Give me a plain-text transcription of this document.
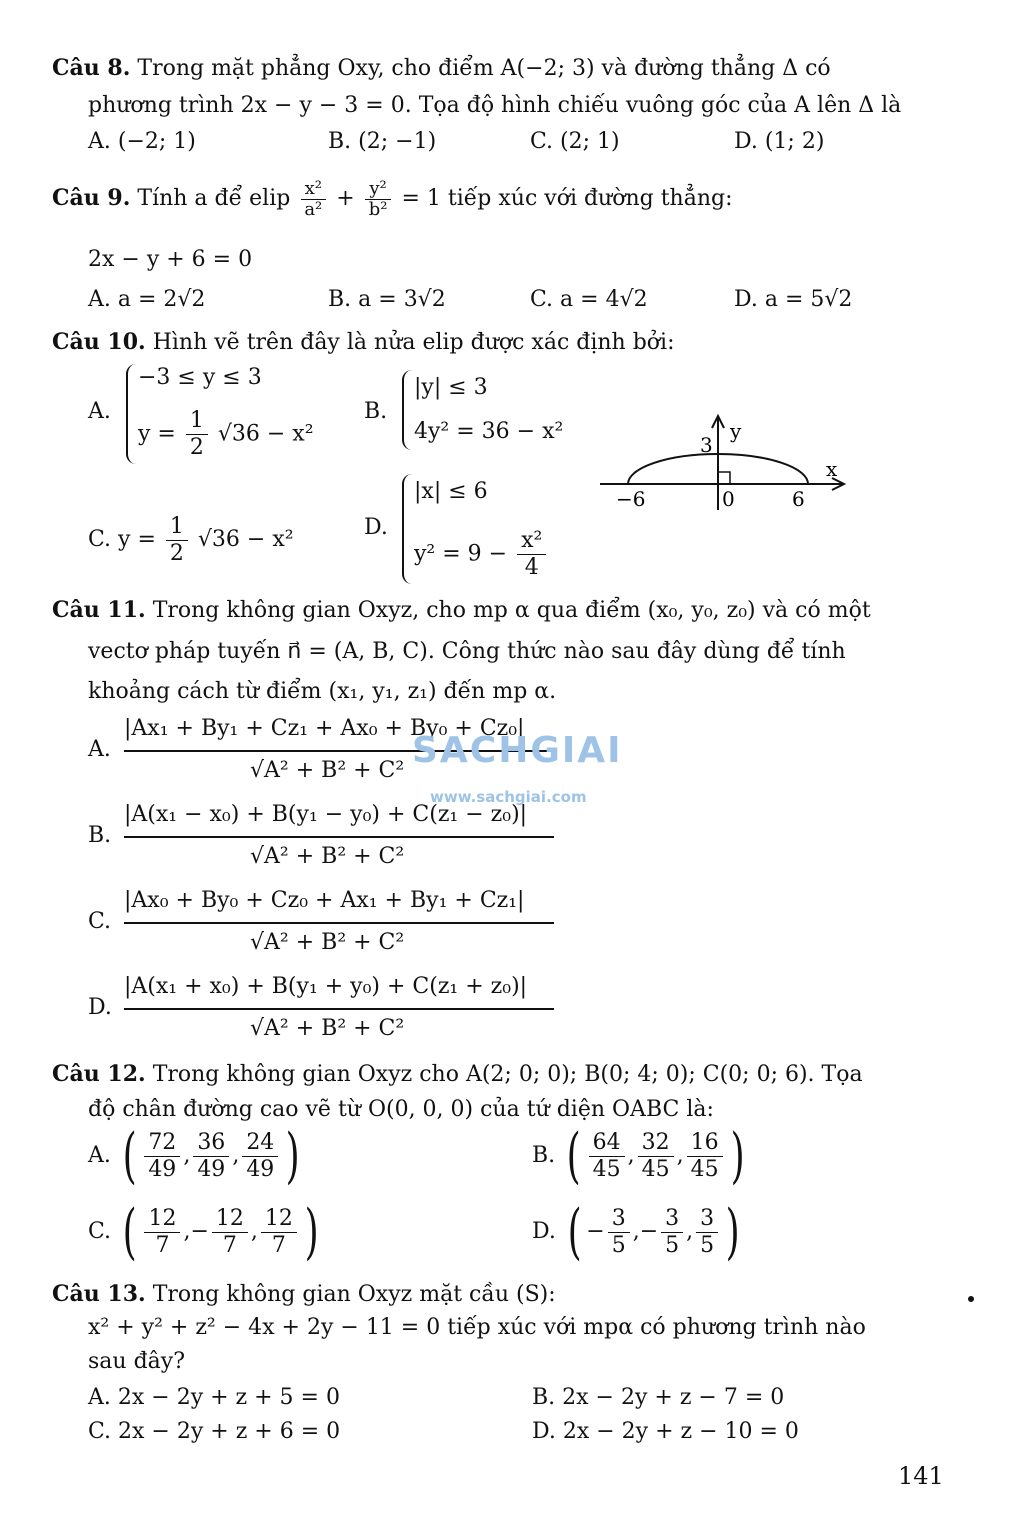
Câu 8. Trong mặt phẳng Oxy, cho điểm A(−2; 3) và đường thẳng Δ có
phương trình 2x − y − 3 = 0. Tọa độ hình chiếu vuông góc của A lên Δ là
A. (−2; 1)	B. (2; −1)	C. (2; 1)	D. (1; 2)
Câu 9. Tính a để elip $\frac{\text{x²}}{\text{a²}} + \frac{\text{y²}}{\text{b²}} = 1$ tiếp xúc với đường thẳng:
2x − y + 6 = 0
A. a = 2√2	B. a = 3√2	C. a = 4√2	D. a = 5√2
Câu 10. Hình vẽ trên đây là nửa elip được xác định bởi:
A.
−3 ≤ y ≤ 3
$y = \frac{1}{2} √36 - x^2$
B.
|y| ≤ 3
4y² = 36 − x²	y
x
3
−6	0	6
C. $y = \frac{1}{2} √36 - x^2$	D.
|x| ≤ 6
$y^2 = 9 - \frac{\text{x²}}{4}$
Câu 11. Trong không gian Oxyz, cho mp α qua điểm (x₀, y₀, z₀) và có một
vectơ pháp tuyến n⃗ = (A, B, C). Công thức nào sau đây dùng để tính
khoảng cách từ điểm (x₁, y₁, z₁) đến mp α.
A.
|Ax₁ + By₁ + Cz₁ + Ax₀ + By₀ + Cz₀|
√A² + B² + C²
B.
|A(x₁ − x₀) + B(y₁ − y₀) + C(z₁ − z₀)|
√A² + B² + C²
C.
|Ax₀ + By₀ + Cz₀ + Ax₁ + By₁ + Cz₁|
√A² + B² + C²
D.
|A(x₁ + x₀) + B(y₁ + y₀) + C(z₁ + z₀)|
√A² + B² + C²
SACHGIAI
www.sachgiai.com
Câu 12. Trong không gian Oxyz cho A(2; 0; 0); B(0; 4; 0); C(0; 0; 6). Tọa
độ chân đường cao vẽ từ O(0, 0, 0) của tứ diện OABC là:
A. ( $\frac{72}{49}$ , $\frac{36}{49}$ , $\frac{24}{49}$ )	B. ( $\frac{64}{45}$ , $\frac{32}{45}$ , $\frac{16}{45}$ )
C. ( $\frac{12}{7}$ , − $\frac{12}{7}$ , $\frac{12}{7}$ )	D. ( − $\frac{3}{5}$ , − $\frac{3}{5}$ , $\frac{3}{5}$ )
Câu 13. Trong không gian Oxyz mặt cầu (S):
x² + y² + z² − 4x + 2y − 11 = 0 tiếp xúc với mpα có phương trình nào
sau đây?
A. 2x − 2y + z + 5 = 0	B. 2x − 2y + z − 7 = 0
C. 2x − 2y + z + 6 = 0	D. 2x − 2y + z − 10 = 0
141
